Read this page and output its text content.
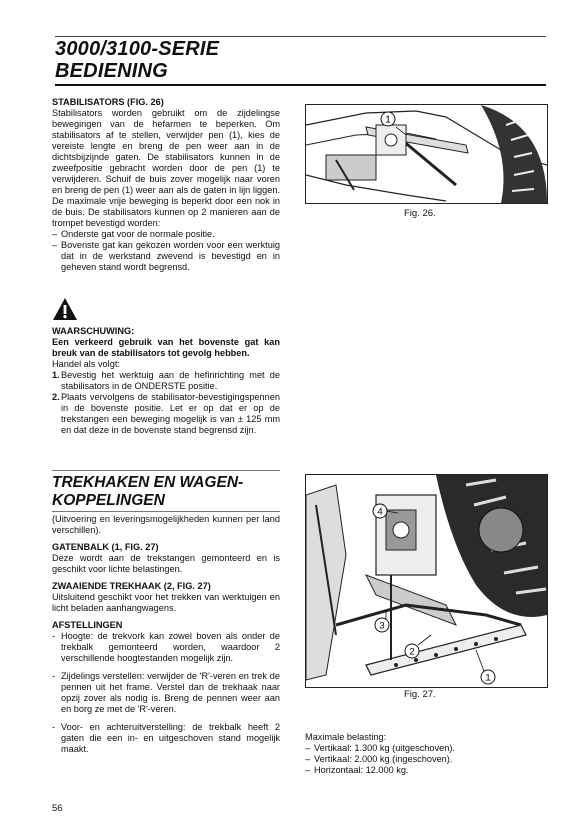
3000/3100-SERIE
BEDIENING

STABILISATORS (FIG. 26)

Stabilisators worden gebruikt om de zijdelingse bewegingen van de hefarmen te beperken. Om stabilisators af te stellen, verwijder pen (1), kies de vereiste lengte en breng de pen weer aan in de dichtsbijzijnde gaten. De stabilisators kunnen in de zweefpositie gebracht worden door de pen (1) te verwijderen. Schuif de buis zover mogelijk naar voren en breng de pen (1) weer aan als de gaten in lijn liggen. De maximale vrije beweging is beperkt door een nok in de buis. De stabilisators kunnen op 2 manieren aan de trompet bevestigd worden:

– Onderste gat voor de normale positie.
– Bovenste gat kan gekozen worden voor een werktuig dat in de werkstand zwevend is bevestigd en in geheven stand wordt begrensd.

WAARSCHUWING:

Een verkeerd gebruik van het bovenste gat kan breuk van de stabilisators tot gevolg hebben.

Handel als volgt:

1. Bevestig het werktuig aan de hefinrichting met de stabilisators in de ONDERSTE positie.
2. Plaats vervolgens de stabilisator-bevestigingspennen in de bovenste positie. Let er op dat er op de trekstangen een beweging mogelijk is van ± 125 mm en dat deze in de bovenste stand begrensd zijn.
TREKHAKEN EN WAGEN-
KOPPELINGEN

(Uitvoering en leveringsmogelijkheden kunnen per land verschillen).

GATENBALK (1, FIG. 27)

Deze wordt aan de trekstangen gemonteerd en is geschikt voor lichte belastingen.

ZWAAIENDE TREKHAAK (2, FIG. 27)

Uitsluitend geschikt voor het trekken van werktuigen en licht beladen aanhangwagens.

AFSTELLINGEN

- Hoogte: de trekvork kan zowel boven als onder de trekbalk gemonteerd worden, waardoor 2 verschillende hoogtestanden mogelijk zijn.
- Zijdelings verstellen: verwijder de 'R'-veren en trek de pennen uit het frame. Verstel dan de trekhaak naar opzij zover als nodig is. Breng de pennen weer aan en borg ze met de 'R'-veren.
- Voor- en achteruitverstelling: de trekbalk heeft 2 gaten die een in- en uitgeschoven stand mogelijk maakt.
1
Fig. 26.
4
3
2
1
Fig. 27.

Maximale belasting:

– Vertikaal: 1.300 kg (uitgeschoven).
– Vertikaal: 2.000 kg (ingeschoven).
– Horizontaal: 12.000 kg.
56
